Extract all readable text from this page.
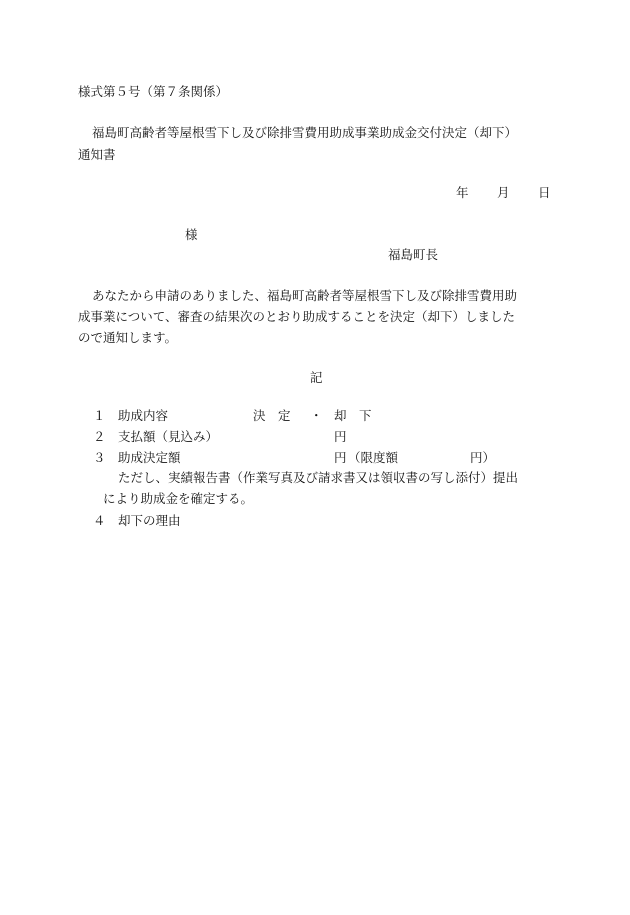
様式第５号（第７条関係）
福島町高齢者等屋根雪下し及び除排雪費用助成事業助成金交付決定（却下）
通知書
年 月 日
様
福島町長
あなたから申請のありました、福島町高齢者等屋根雪下し及び除排雪費用助
成事業について、審査の結果次のとおり助成することを決定（却下）しました
ので通知します。
記
１ 助成内容	決　定 ・ 却　下
２ 支払額（見込み）	円
３ 助成決定額	円 （限度額	円）
ただし、実績報告書（作業写真及び請求書又は領収書の写し添付）提出
により助成金を確定する。
４ 却下の理由
